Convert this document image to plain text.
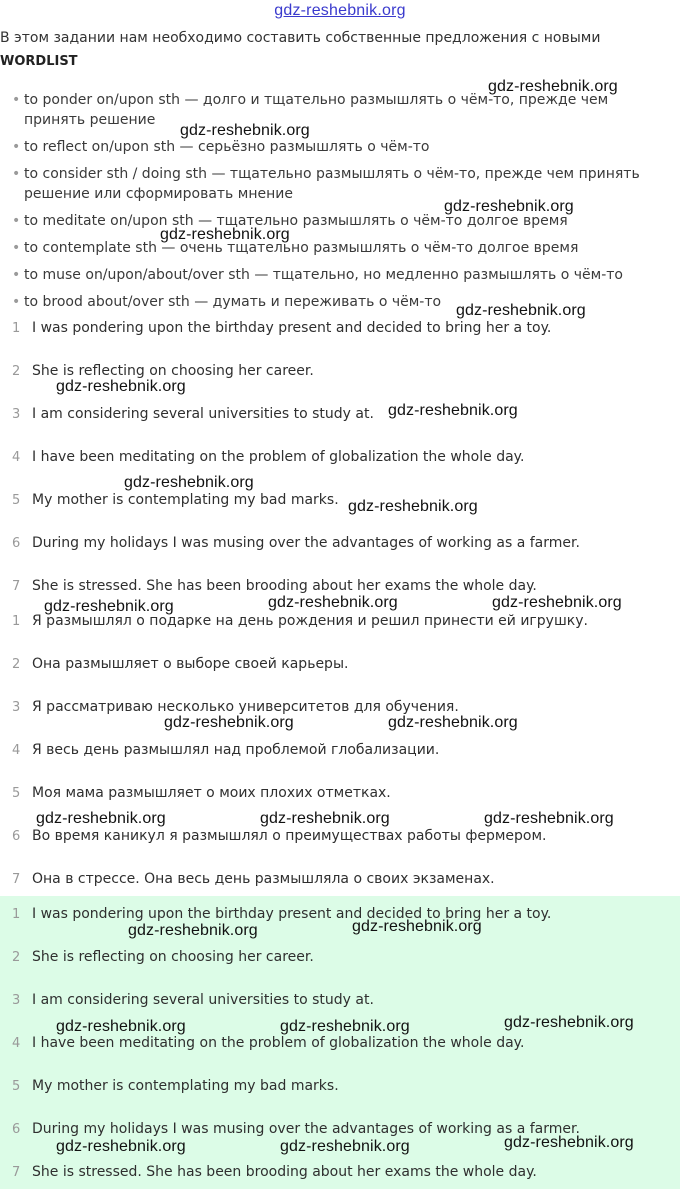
gdz-reshebnik.org
В этом задании нам необходимо составить собственные предложения с новыми
WORDLIST
• to ponder on/upon sth — долго и тщательно размышлять о чём-то, прежде чем принять решение
• to reflect on/upon sth — серьёзно размышлять о чём-то
• to consider sth / doing sth — тщательно размышлять о чём-то, прежде чем принять решение или сформировать мнение
• to meditate on/upon sth — тщательно размышлять о чём-то долгое время
• to contemplate sth — очень тщательно размышлять о чём-то долгое время
• to muse on/upon/about/over sth — тщательно, но медленно размышлять о чём-то
• to brood about/over sth — думать и переживать о чём-то
1 I was pondering upon the birthday present and decided to bring her a toy.
2 She is reflecting on choosing her career.
3 I am considering several universities to study at.
4 I have been meditating on the problem of globalization the whole day.
5 My mother is contemplating my bad marks.
6 During my holidays I was musing over the advantages of working as a farmer.
7 She is stressed. She has been brooding about her exams the whole day.
1 Я размышлял о подарке на день рождения и решил принести ей игрушку.
2 Она размышляет о выборе своей карьеры.
3 Я рассматриваю несколько университетов для обучения.
4 Я весь день размышлял над проблемой глобализации.
5 Моя мама размышляет о моих плохих отметках.
6 Во время каникул я размышлял о преимуществах работы фермером.
7 Она в стрессе. Она весь день размышляла о своих экзаменах.
1 I was pondering upon the birthday present and decided to bring her a toy.
2 She is reflecting on choosing her career.
3 I am considering several universities to study at.
4 I have been meditating on the problem of globalization the whole day.
5 My mother is contemplating my bad marks.
6 During my holidays I was musing over the advantages of working as a farmer.
7 She is stressed. She has been brooding about her exams the whole day.
gdz-reshebnik.org
gdz-reshebnik.org
gdz-reshebnik.org
gdz-reshebnik.org
gdz-reshebnik.org
gdz-reshebnik.org
gdz-reshebnik.org
gdz-reshebnik.org
gdz-reshebnik.org
gdz-reshebnik.org	gdz-reshebnik.org	gdz-reshebnik.org
gdz-reshebnik.org	gdz-reshebnik.org
gdz-reshebnik.org	gdz-reshebnik.org	gdz-reshebnik.org
gdz-reshebnik.org	gdz-reshebnik.org
gdz-reshebnik.org	gdz-reshebnik.org	gdz-reshebnik.org
gdz-reshebnik.org	gdz-reshebnik.org	gdz-reshebnik.org
